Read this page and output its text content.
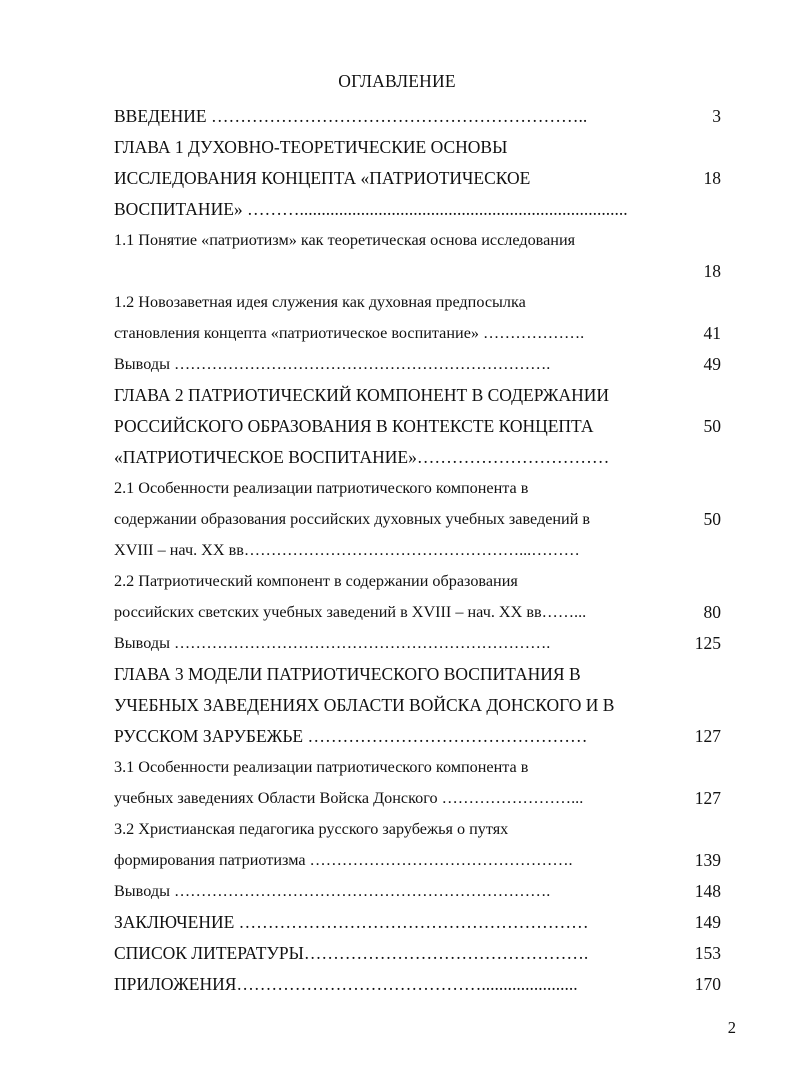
ОГЛАВЛЕНИЕ
ВВЕДЕНИЕ ………………………………………………………..	3
ГЛАВА 1 ДУХОВНО-ТЕОРЕТИЧЕСКИЕ ОСНОВЫ
ИССЛЕДОВАНИЯ КОНЦЕПТА «ПАТРИОТИЧЕСКОЕ	18
ВОСПИТАНИЕ» ………...........................................................................
1.1 Понятие «патриотизм» как теоретическая основа исследования
18
1.2 Новозаветная идея служения как духовная предпосылка
становления концепта «патриотическое воспитание» ……………….	41
Выводы …………………………………………………………….	49
ГЛАВА 2 ПАТРИОТИЧЕСКИЙ КОМПОНЕНТ В СОДЕРЖАНИИ
РОССИЙСКОГО ОБРАЗОВАНИЯ В КОНТЕКСТЕ КОНЦЕПТА	50
«ПАТРИОТИЧЕСКОЕ ВОСПИТАНИЕ»……………………………
2.1 Особенности реализации патриотического компонента в
содержании образования российских духовных учебных заведений в	50
XVIII – нач. XX вв……………………………………………...………
2.2 Патриотический компонент в содержании образования
российских светских учебных заведений в XVIII – нач. XX вв……...	80
Выводы …………………………………………………………….	125
ГЛАВА 3 МОДЕЛИ ПАТРИОТИЧЕСКОГО ВОСПИТАНИЯ В
УЧЕБНЫХ ЗАВЕДЕНИЯХ ОБЛАСТИ ВОЙСКА ДОНСКОГО И В
РУССКОМ ЗАРУБЕЖЬЕ …………………………………………	127
3.1 Особенности реализации патриотического компонента в
учебных заведениях Области Войска Донского ……………………...	127
3.2 Христианская педагогика русского зарубежья о путях
формирования патриотизма ………………………………………….	139
Выводы …………………………………………………………….	148
ЗАКЛЮЧЕНИЕ ……………………………………………………	149
СПИСОК ЛИТЕРАТУРЫ………………………………………….	153
ПРИЛОЖЕНИЯ……………………………………......................	170
2
